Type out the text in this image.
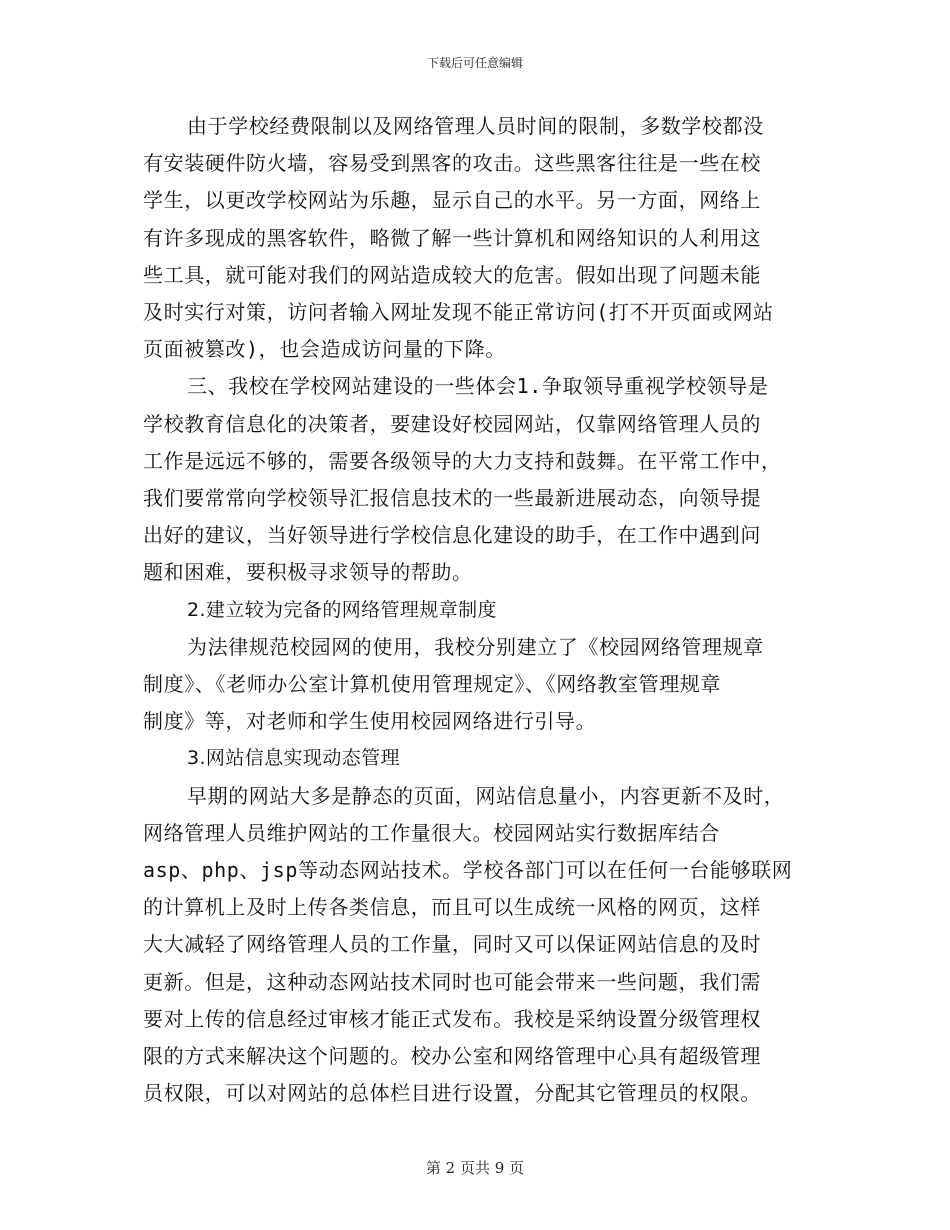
下载后可任意编辑
由于学校经费限制以及网络管理人员时间的限制，多数学校都没
有安装硬件防火墙，容易受到黑客的攻击。这些黑客往往是一些在校
学生，以更改学校网站为乐趣，显示自己的水平。另一方面，网络上
有许多现成的黑客软件，略微了解一些计算机和网络知识的人利用这
些工具，就可能对我们的网站造成较大的危害。假如出现了问题未能
及时实行对策，访问者输入网址发现不能正常访问(打不开页面或网站
页面被篡改)，也会造成访问量的下降。
三、我校在学校网站建设的一些体会1.争取领导重视学校领导是
学校教育信息化的决策者，要建设好校园网站，仅靠网络管理人员的
工作是远远不够的，需要各级领导的大力支持和鼓舞。在平常工作中，
我们要常常向学校领导汇报信息技术的一些最新进展动态，向领导提
出好的建议，当好领导进行学校信息化建设的助手，在工作中遇到问
题和困难，要积极寻求领导的帮助。
2.建立较为完备的网络管理规章制度
为法律规范校园网的使用，我校分别建立了《校园网络管理规章
制度》、《老师办公室计算机使用管理规定》、《网络教室管理规章
制度》等，对老师和学生使用校园网络进行引导。
3.网站信息实现动态管理
早期的网站大多是静态的页面，网站信息量小，内容更新不及时，
网络管理人员维护网站的工作量很大。校园网站实行数据库结合
asp、php、jsp等动态网站技术。学校各部门可以在任何一台能够联网
的计算机上及时上传各类信息，而且可以生成统一风格的网页，这样
大大减轻了网络管理人员的工作量，同时又可以保证网站信息的及时
更新。但是，这种动态网站技术同时也可能会带来一些问题，我们需
要对上传的信息经过审核才能正式发布。我校是采纳设置分级管理权
限的方式来解决这个问题的。校办公室和网络管理中心具有超级管理
员权限，可以对网站的总体栏目进行设置，分配其它管理员的权限。
第 2 页共 9 页
